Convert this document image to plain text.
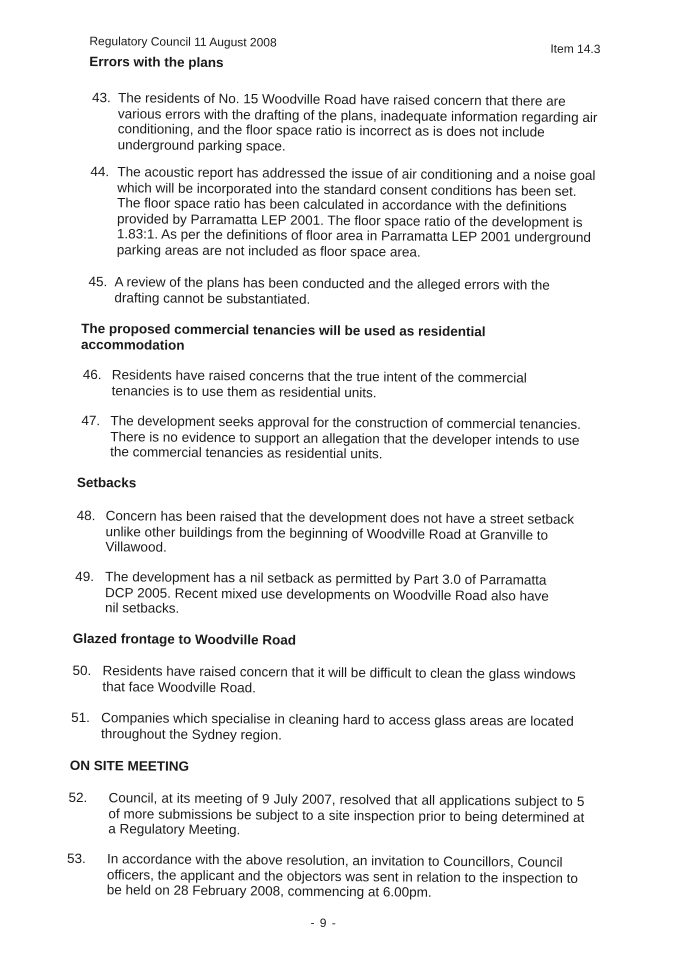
Regulatory Council 11 August 2008	Item 14.3
Errors with the plans
43. The residents of No. 15 Woodville Road have raised concern that there are various errors with the drafting of the plans, inadequate information regarding air conditioning, and the floor space ratio is incorrect as is does not include underground parking space.
44. The acoustic report has addressed the issue of air conditioning and a noise goal which will be incorporated into the standard consent conditions has been set. The floor space ratio has been calculated in accordance with the definitions provided by Parramatta LEP 2001. The floor space ratio of the development is 1.83:1. As per the definitions of floor area in Parramatta LEP 2001 underground parking areas are not included as floor space area.
45. A review of the plans has been conducted and the alleged errors with the drafting cannot be substantiated.
The proposed commercial tenancies will be used as residential accommodation
46. Residents have raised concerns that the true intent of the commercial tenancies is to use them as residential units.
47. The development seeks approval for the construction of commercial tenancies. There is no evidence to support an allegation that the developer intends to use the commercial tenancies as residential units.
Setbacks
48. Concern has been raised that the development does not have a street setback unlike other buildings from the beginning of Woodville Road at Granville to Villawood.
49. The development has a nil setback as permitted by Part 3.0 of Parramatta DCP 2005. Recent mixed use developments on Woodville Road also have nil setbacks.
Glazed frontage to Woodville Road
50. Residents have raised concern that it will be difficult to clean the glass windows that face Woodville Road.
51. Companies which specialise in cleaning hard to access glass areas are located throughout the Sydney region.
ON SITE MEETING
52. Council, at its meeting of 9 July 2007, resolved that all applications subject to 5 of more submissions be subject to a site inspection prior to being determined at a Regulatory Meeting.
53. In accordance with the above resolution, an invitation to Councillors, Council officers, the applicant and the objectors was sent in relation to the inspection to be held on 28 February 2008, commencing at 6.00pm.
- 9 -
